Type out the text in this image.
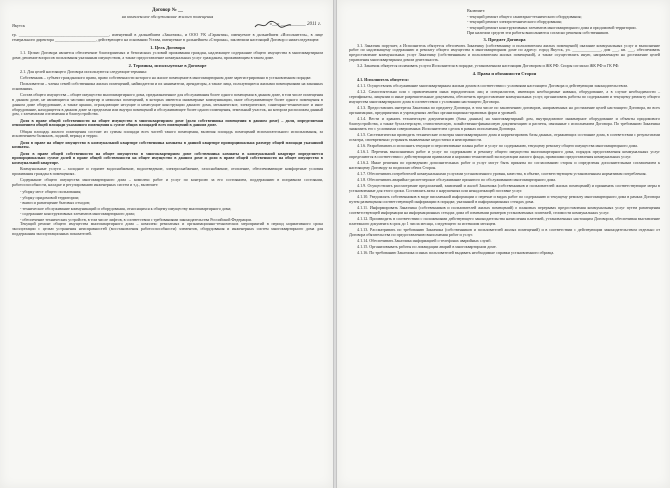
Договор № __
на комплексное обслуживание жилого помещения
Якутск	«__» __________ 2011 г.

гр. ____________________________________________, именуемый в дальнейшем «Заказчик», и ООО УК «Гарантия», именуемое в дальнейшем «Исполнитель», в лице генерального директора ____________________, действующего на основании Устава, именуемые в дальнейшем «Стороны», заключили настоящий Договор о нижеследующем:

1. Цель Договора

1.1. Целью Договора является обеспечение благоприятных и безопасных условий проживания граждан, надлежащее содержание общего имущества в многоквартирном доме, решение вопросов пользования указанным имуществом, а также предоставление коммунальных услуг гражданам, проживающим в таком доме.

2. Термины, используемые в Договоре

2.1. Для целей настоящего Договора используются следующие термины:

Собственник – субъект гражданского права, право собственности которого на жилое помещение в многоквартирном доме зарегистрировано в установленном порядке.

Пользователи – члены семей собственника жилых помещений, наймодатели и их наниматели, арендаторы, а также лица, пользующиеся жилыми помещениями на законных основаниях.

Состав общего имущества – общее имущество многоквартирного дома, предназначенное для обслуживания более одного помещения в данном доме, в том числе помещения в данном доме, не являющиеся частями квартир и нежилых помещений, в которых имеются инженерные коммуникации, иное обслуживающее более одного помещения в данном доме оборудование, а также крыши, ограждающие несущие и ненесущие конструкции данного дома, механическое, электрическое, санитарно-техническое и иное оборудование, находящееся в данном доме за пределами или внутри помещений и обслуживающее более одного помещения, земельный участок, на котором расположен данный дом, с элементами озеленения и благоустройства.

Доля в праве общей собственности на общее имущество в многоквартирном доме (доля собственника помещения в данном доме) – доля, определяемая отношением общей площади указанного помещения к сумме общих площадей всех помещений в данном доме.

Общая площадь жилого помещения состоит из суммы площади всех частей такого помещения, включая площадь помещений вспомогательного использования, за исключением балконов, лоджий, веранд и террас.

Доля в праве на общее имущество в коммунальной квартире собственника комнаты в данной квартире пропорциональна размеру общей площади указанной комнаты.

Доля в праве общей собственности на общее имущество в многоквартирном доме собственника комнаты в коммунальной квартире определяется пропорционально сумме долей в праве общей собственности на общее имущество в данном доме и доли в праве общей собственности на общее имущество в коммунальной квартире.

Коммунальные услуги – холодное и горячее водоснабжение, водоотведение, электроснабжение, газоснабжение, отопление, обеспечивающие комфортные условия проживания граждан в помещениях.

Содержание общего имущества многоквартирного дома – комплекс работ и услуг по контролю за его состоянием, поддержанию в исправном состоянии, работоспособности, наладке и регулированию инженерных систем и т.д., включает:

- уборку мест общего пользования;
- уборку придомовой территории;
- вывоз и размещение бытовых отходов;
- техническое обслуживание коммуникаций и оборудования, относящихся к общему имуществу многоквартирного дома;
- содержание конструктивных элементов многоквартирного дома;
- обеспечение технических устройств, в том числе лифтов, в соответствии с требованиями законодательства Российской Федерации.

Текущий ремонт общего имущества многоквартирного дома – комплекс ремонтных и организационно-технических мероприятий в период нормативного срока эксплуатации с целью устранения неисправностей (восстановления работоспособности) элементов, оборудования и инженерных систем многоквартирного дома для поддержания эксплуатационных показателей.

Включает:
- текущий ремонт общего санитарно-технического оборудования;
- текущий ремонт электротехнического оборудования;
- текущий ремонт конструктивных элементов многоквартирного дома и придомовой территории.
При наличии средств эти работы выполняются согласно решения собственников.
3. Предмет Договора

3.1. Заказчик поручает, а Исполнитель обязуется обеспечить Заказчику (собственнику и пользователям жилых помещений) оказание коммунальных услуг и выполнение работ по надлежащему содержанию и ремонту общего имущества в многоквартирном доме по адресу: город Якутск, ул. ______________, дом ___, кв. ___, обеспечивать предоставление коммунальных услуг Заказчику (собственникам и пользователям жилых помещений), а также осуществлять иную, направленную на достижение целей управления многоквартирным домом деятельность.

3.2. Заказчик обязуется оплачивать услуги Исполнителя в порядке, установленном настоящим Договором и ЖК РФ. Споры согласно ЖК РФ и ГК РФ.

4. Права и обязанности Сторон

4.1. Исполнитель обязуется:

4.1.1. Осуществлять обслуживание многоквартирным жилым домом в соответствии с условиями настоящего Договора и действующим законодательством.

4.1.2. Самостоятельно или с привлечением иных юридических лиц и специалистов, имеющих необходимые навыки, оборудование, а в случае необходимости – сертификаты, лицензии и иные разрешительные документы, обеспечить предоставление коммунальных услуг, организовать работы по содержанию и текущему ремонту общего имущества многоквартирного дома в соответствии с условиями настоящего Договора.

4.1.3. Предоставлять интересы Заказчика по предмету Договора, в том числе по заключению договоров, направленных на достижение целей настоящего Договора, во всех организациях, предприятиях и учреждениях любых организационно-правовых форм и уровней.

4.1.4. Вести и хранить техническую документацию (базы данных) на многоквартирный дом, внутридомовое инженерное оборудование и объекты придомового благоустройства, а также бухгалтерскую, статистическую, хозяйственно-финансовую документацию и расчеты, связанные с исполнением Договора. По требованию Заказчика знакомить его с условиями совершенных Исполнителем сделок в рамках исполнения Договора.

4.1.5. Систематически проводить технические осмотры многоквартирного дома и корректировать базы данных, отражающих состояние дома, в соответствии с результатами осмотра, своевременно устранять выявленные недостатки и неисправности.

4.1.6. Разрабатывать и исполнять текущие и перспективные планы работ и услуг по содержанию, текущему ремонту общего имущества многоквартирного дома.

4.1.6.1. Перечень выполняемых работ и услуг по содержанию и ремонту общего имущества многоквартирного дома, порядок предоставления коммунальных услуг определяются в соответствии с действующими правилами и нормами технической эксплуатации жилого фонда, правилами предоставления коммунальных услуг.

4.1.6.2. Иные решения по проведению дополнительных работ и услуг могут быть приняты по согласованию сторон и определены дополнительным соглашением к настоящему Договору за подписью обеих Сторон.

4.1.7. Обеспечивать потребителей коммунальными услугами установленного уровня, качества, в объеме, соответствующем установленным нормативам потребления.

4.1.8. Обеспечивать аварийно-диспетчерское обслуживание принятого по обслуживанию многоквартирного дома.

4.1.9. Осуществлять рассмотрение предложений, заявлений и жалоб Заказчика (собственников и пользователей жилых помещений) и принимать соответствующие меры в установленные для этого сроки. Составлять акты о нарушениях или ненадлежащей поставке услуг.

4.1.10. Уведомлять собственников в виде письменной информации о перечне и видах работ по содержанию и текущему ремонту многоквартирного дома в рамках Договора путем размещения соответствующей информации в порядке, указанной в информационных стендах дома.

4.1.11. Информировать Заказчика (собственников и пользователей жилых помещений) о плановых перерывах предоставления коммунальных услуг путем размещения соответствующей информации на информационных стендах дома об изменении размеров установленных платежей, стоимости коммунальных услуг.

4.1.12. Производить в соответствии с положениями действующего законодательства начисления платежей, установленных настоящим Договором, обеспечивая выставление платежного документа в срок до 1 числа месяца, следующего за истекшим месяцем.

4.1.13. Рассматривать по требованию Заказчика (собственников и пользователей жилых помещений) и в соответствии с действующим законодательством отдельно от Договора обязательства по предоставлению выполнения работ и услуг.

4.1.14. Обеспечивать Заказчика информацией о телефонах аварийных служб.

4.1.15. Организовывать работы по ликвидации аварий в многоквартирном доме.

4.1.16. По требованию Заказчика и иных пользователей выдавать необходимые справки установленного образца.
